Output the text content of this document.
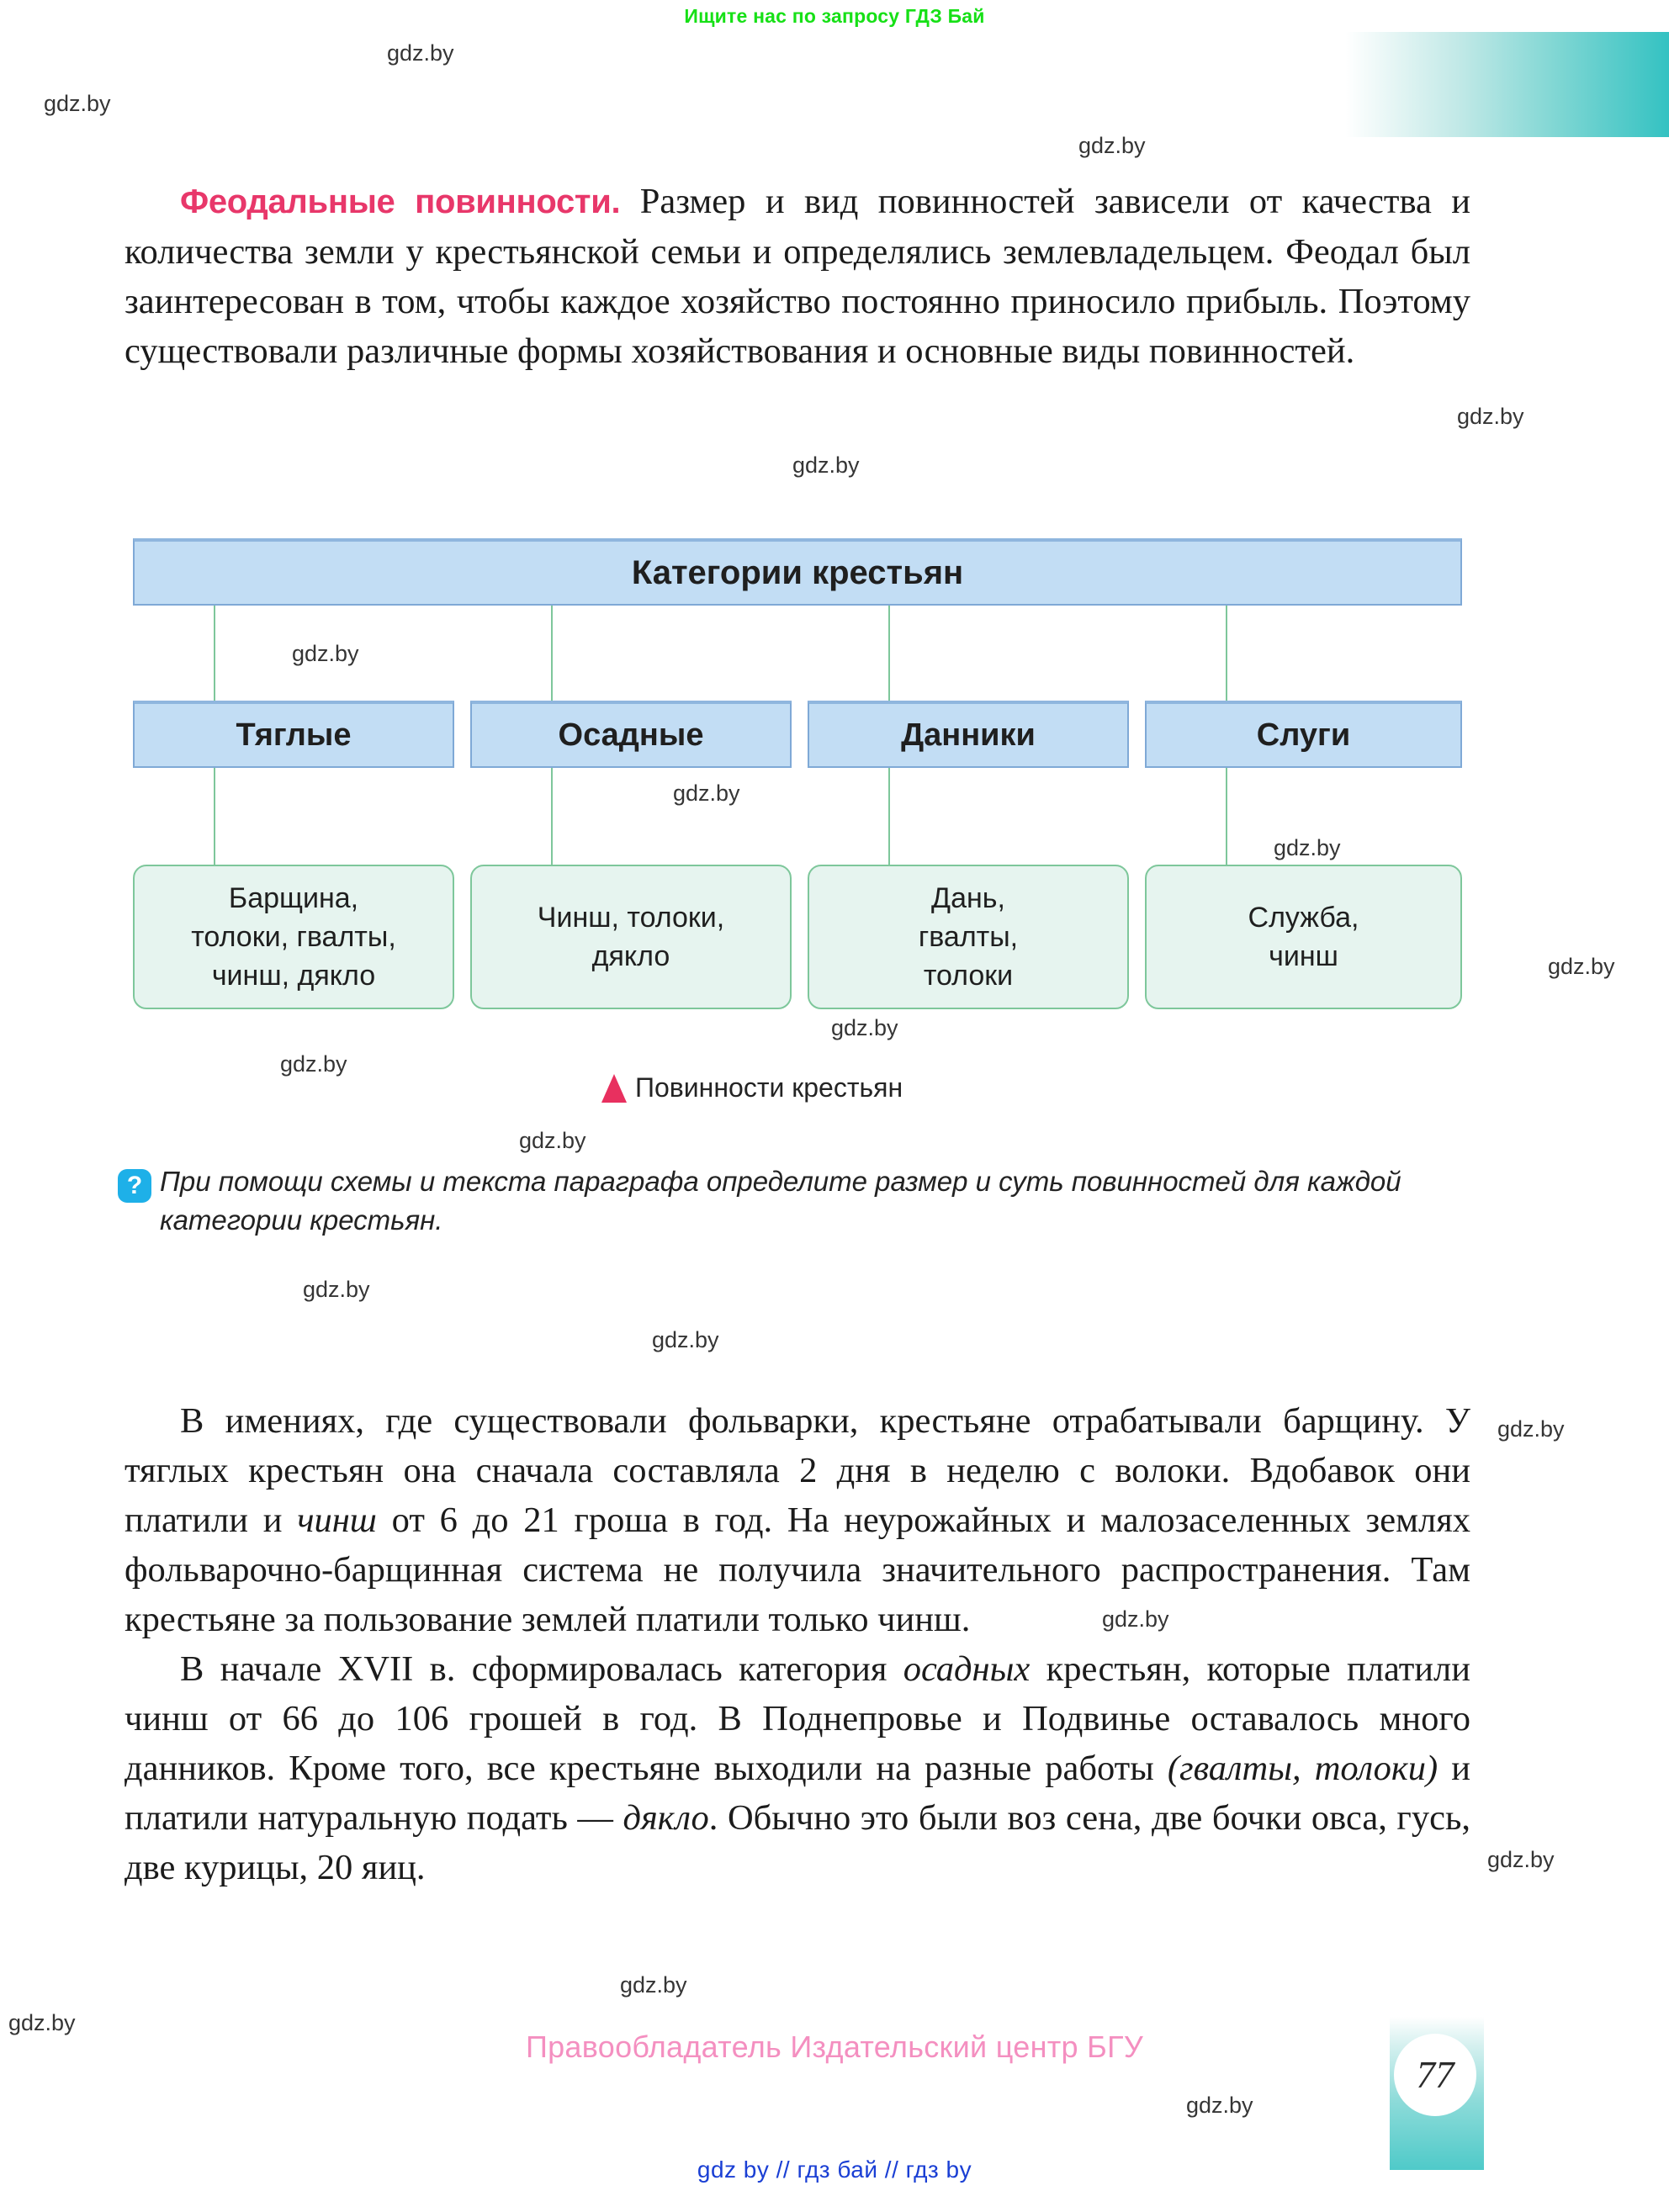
Ищите нас по запросу ГДЗ Бай

Феодальные повинности. Размер и вид повинностей зависели от качества и количества земли у крестьянской семьи и определялись землевладельцем. Феодал был заинтересован в том, чтобы каждое хозяйство постоянно приносило прибыль. Поэтому существовали различные формы хозяйствования и основные виды повинностей.

Категории крестьян
Тяглые	Осадные	Данники	Слуги
Барщина,
толоки, гвалты,
чинш, дякло
Чинш, толоки,
дякло
Дань,
гвалты,
толоки
Служба,
чинш
Повинности крестьян
? При помощи схемы и текста параграфа определите размер и суть повинностей для каждой категории крестьян.

В имениях, где существовали фольварки, крестьяне отрабатывали барщину. У тяглых крестьян она сначала составляла 2 дня в неделю с волоки. Вдобавок они платили и чинш от 6 до 21 гроша в год. На неурожайных и малозаселенных землях фольварочно-барщинная система не получила значительного распространения. Там крестьяне за пользование землей платили только чинш.

В начале XVII в. сформировалась категория осадных крестьян, которые платили чинш от 66 до 106 грошей в год. В Поднепровье и Подвинье оставалось много данников. Кроме того, все крестьяне выходили на разные работы (гвалты, толоки) и платили натуральную подать — дякло. Обычно это были воз сена, две бочки овса, гусь, две курицы, 20 яиц.

Правообладатель Издательский центр БГУ
77
gdz by // гдз бай // гдз by
gdz.by
gdz.by
gdz.by
gdz.by
gdz.by
gdz.by
gdz.by
gdz.by
gdz.by
gdz.by
gdz.by
gdz.by
gdz.by
gdz.by
gdz.by
gdz.by
gdz.by
gdz.by
gdz.by
gdz.by
